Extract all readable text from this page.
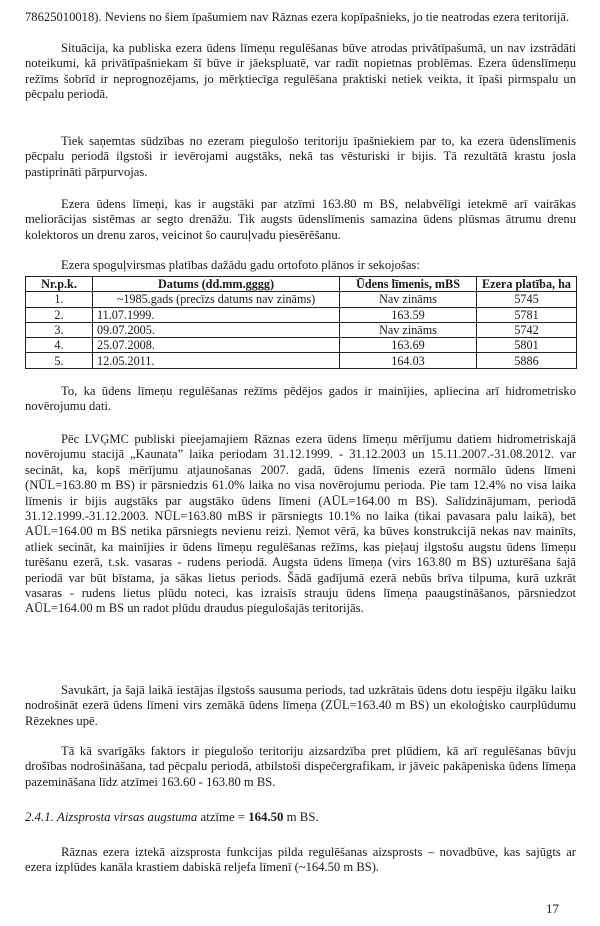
78625010018). Neviens no šiem īpašumiem nav Rāznas ezera kopīpašnieks, jo tie neatrodas ezera teritorijā.

Situācija, ka publiska ezera ūdens līmeņu regulēšanas būve atrodas privātīpašumā, un nav izstrādāti noteikumi, kā privātīpašniekam šī būve ir jāekspluatē, var radīt nopietnas problēmas. Ezera ūdenslīmeņu režīms šobrīd ir neprognozējams, jo mērķtiecīga regulēšana praktiski netiek veikta, it īpaši pirmspalu un pēcpalu periodā.

Tiek saņemtas sūdzības no ezeram piegulošo teritoriju īpašniekiem par to, ka ezera ūdenslīmenis pēcpalu periodā ilgstoši ir ievērojami augstāks, nekā tas vēsturiski ir bijis. Tā rezultātā krastu josla pastiprināti pārpurvojas.

Ezera ūdens līmeņi, kas ir augstāki par atzīmi 163.80 m BS, nelabvēlīgi ietekmē arī vairākas meliorācijas sistēmas ar segto drenāžu. Tik augsts ūdenslīmenis samazina ūdens plūsmas ātrumu drenu kolektoros un drenu zaros, veicinot šo cauruļvadu piesērēšanu.

Ezera spoguļvirsmas platības dažādu gadu ortofoto plānos ir sekojošas:

Nr.p.k.	Datums (dd.mm.gggg)	Ūdens līmenis, mBS	Ezera platība, ha
1.	~1985.gads (precīzs datums nav zināms)	Nav zināms	5745
2.	11.07.1999.	163.59	5781
3.	09.07.2005.	Nav zināms	5742
4.	25.07.2008.	163.69	5801
5.	12.05.2011.	164.03	5886

To, ka ūdens līmeņu regulēšanas režīms pēdējos gados ir mainījies, apliecina arī hidrometrisko novērojumu dati.

Pēc LVĢMC publiski pieejamajiem Rāznas ezera ūdens līmeņu mērījumu datiem hidrometriskajā novērojumu stacijā „Kaunata” laika periodam 31.12.1999. - 31.12.2003 un 15.11.2007.-31.08.2012. var secināt, ka, kopš mērījumu atjaunošanas 2007. gadā, ūdens līmenis ezerā normālo ūdens līmeni (NŪL=163.80 m BS) ir pārsniedzis 61.0% laika no visa novērojumu perioda. Pie tam 12.4% no visa laika līmenis ir bijis augstāks par augstāko ūdens līmeni (AŪL=164.00 m BS). Salīdzinājumam, periodā 31.12.1999.-31.12.2003. NŪL=163.80 mBS ir pārsniegts 10.1% no laika (tikai pavasara palu laikā), bet AŪL=164.00 m BS netika pārsniegts nevienu reizi. Ņemot vērā, ka būves konstrukcijā nekas nav mainīts, atliek secināt, ka mainījies ir ūdens līmeņu regulēšanas režīms, kas pieļauj ilgstošu augstu ūdens līmeņu turēšanu ezerā, t.sk. vasaras - rudens periodā. Augsta ūdens līmeņa (virs 163.80 m BS) uzturēšana šajā periodā var būt bīstama, ja sākas lietus periods. Šādā gadījumā ezerā nebūs brīva tilpuma, kurā uzkrāt vasaras - rudens lietus plūdu noteci, kas izraisīs strauju ūdens līmeņa paaugstināšanos, pārsniedzot AŪL=164.00 m BS un radot plūdu draudus piegulošajās teritorijās.

Savukārt, ja šajā laikā iestājas ilgstošs sausuma periods, tad uzkrātais ūdens dotu iespēju ilgāku laiku nodrošināt ezerā ūdens līmeni virs zemākā ūdens līmeņa (ZŪL=163.40 m BS) un ekoloģisko caurplūdumu Rēzeknes upē.

Tā kā svarīgāks faktors ir piegulošo teritoriju aizsardzība pret plūdiem, kā arī regulēšanas būvju drošības nodrošināšana, tad pēcpalu periodā, atbilstoši dispečergrafikam, ir jāveic pakāpeniska ūdens līmeņa pazemināšana līdz atzīmei 163.60 - 163.80 m BS.

2.4.1. Aizsprosta virsas augstuma atzīme = 164.50 m BS.

Rāznas ezera iztekā aizsprosta funkcijas pilda regulēšanas aizsprosts – novadbūve, kas sajūgts ar ezera izplūdes kanāla krastiem dabiskā reljefa līmenī (~164.50 m BS).

17
